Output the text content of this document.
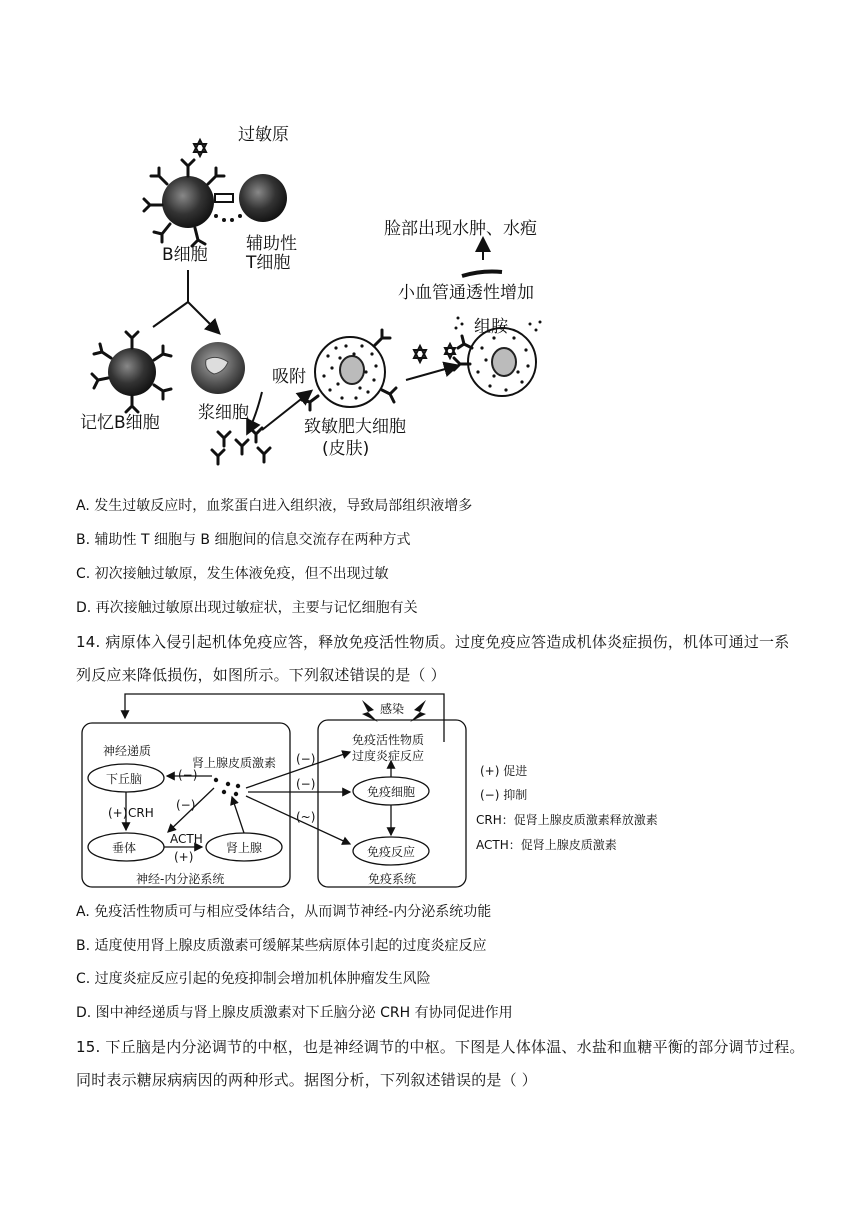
过敏原
B细胞
辅助性
T细胞
记忆B细胞 浆细胞
吸附
致敏肥大细胞
(皮肤)
组胺
小血管通透性增加
脸部出现水肿、水疱
A. 发生过敏反应时，血浆蛋白进入组织液，导致局部组织液增多
B. 辅助性 T 细胞与 B 细胞间的信息交流存在两种方式
C. 初次接触过敏原，发生体液免疫，但不出现过敏
D. 再次接触过敏原出现过敏症状，主要与记忆细胞有关
14. 病原体入侵引起机体免疫应答，释放免疫活性物质。过度免疫应答造成机体炎症损伤，机体可通过一系
列反应来降低损伤，如图所示。下列叙述错误的是（ ）
神经递质
下丘脑
垂体	肾上腺
CRH
(+)
ACTH
(+)
肾上腺皮质激素
(−)
(−)
(−)
(−)
(~)
神经-内分泌系统
感染
免疫活性物质
过度炎症反应
免疫细胞
免疫反应
免疫系统
(+) 促进
(−) 抑制
CRH：促肾上腺皮质激素释放激素
ACTH：促肾上腺皮质激素
A. 免疫活性物质可与相应受体结合，从而调节神经-内分泌系统功能
B. 适度使用肾上腺皮质激素可缓解某些病原体引起的过度炎症反应
C. 过度炎症反应引起的免疫抑制会增加机体肿瘤发生风险
D. 图中神经递质与肾上腺皮质激素对下丘脑分泌 CRH 有协同促进作用
15. 下丘脑是内分泌调节的中枢，也是神经调节的中枢。下图是人体体温、水盐和血糖平衡的部分调节过程。
同时表示糖尿病病因的两种形式。据图分析，下列叙述错误的是（ ）
